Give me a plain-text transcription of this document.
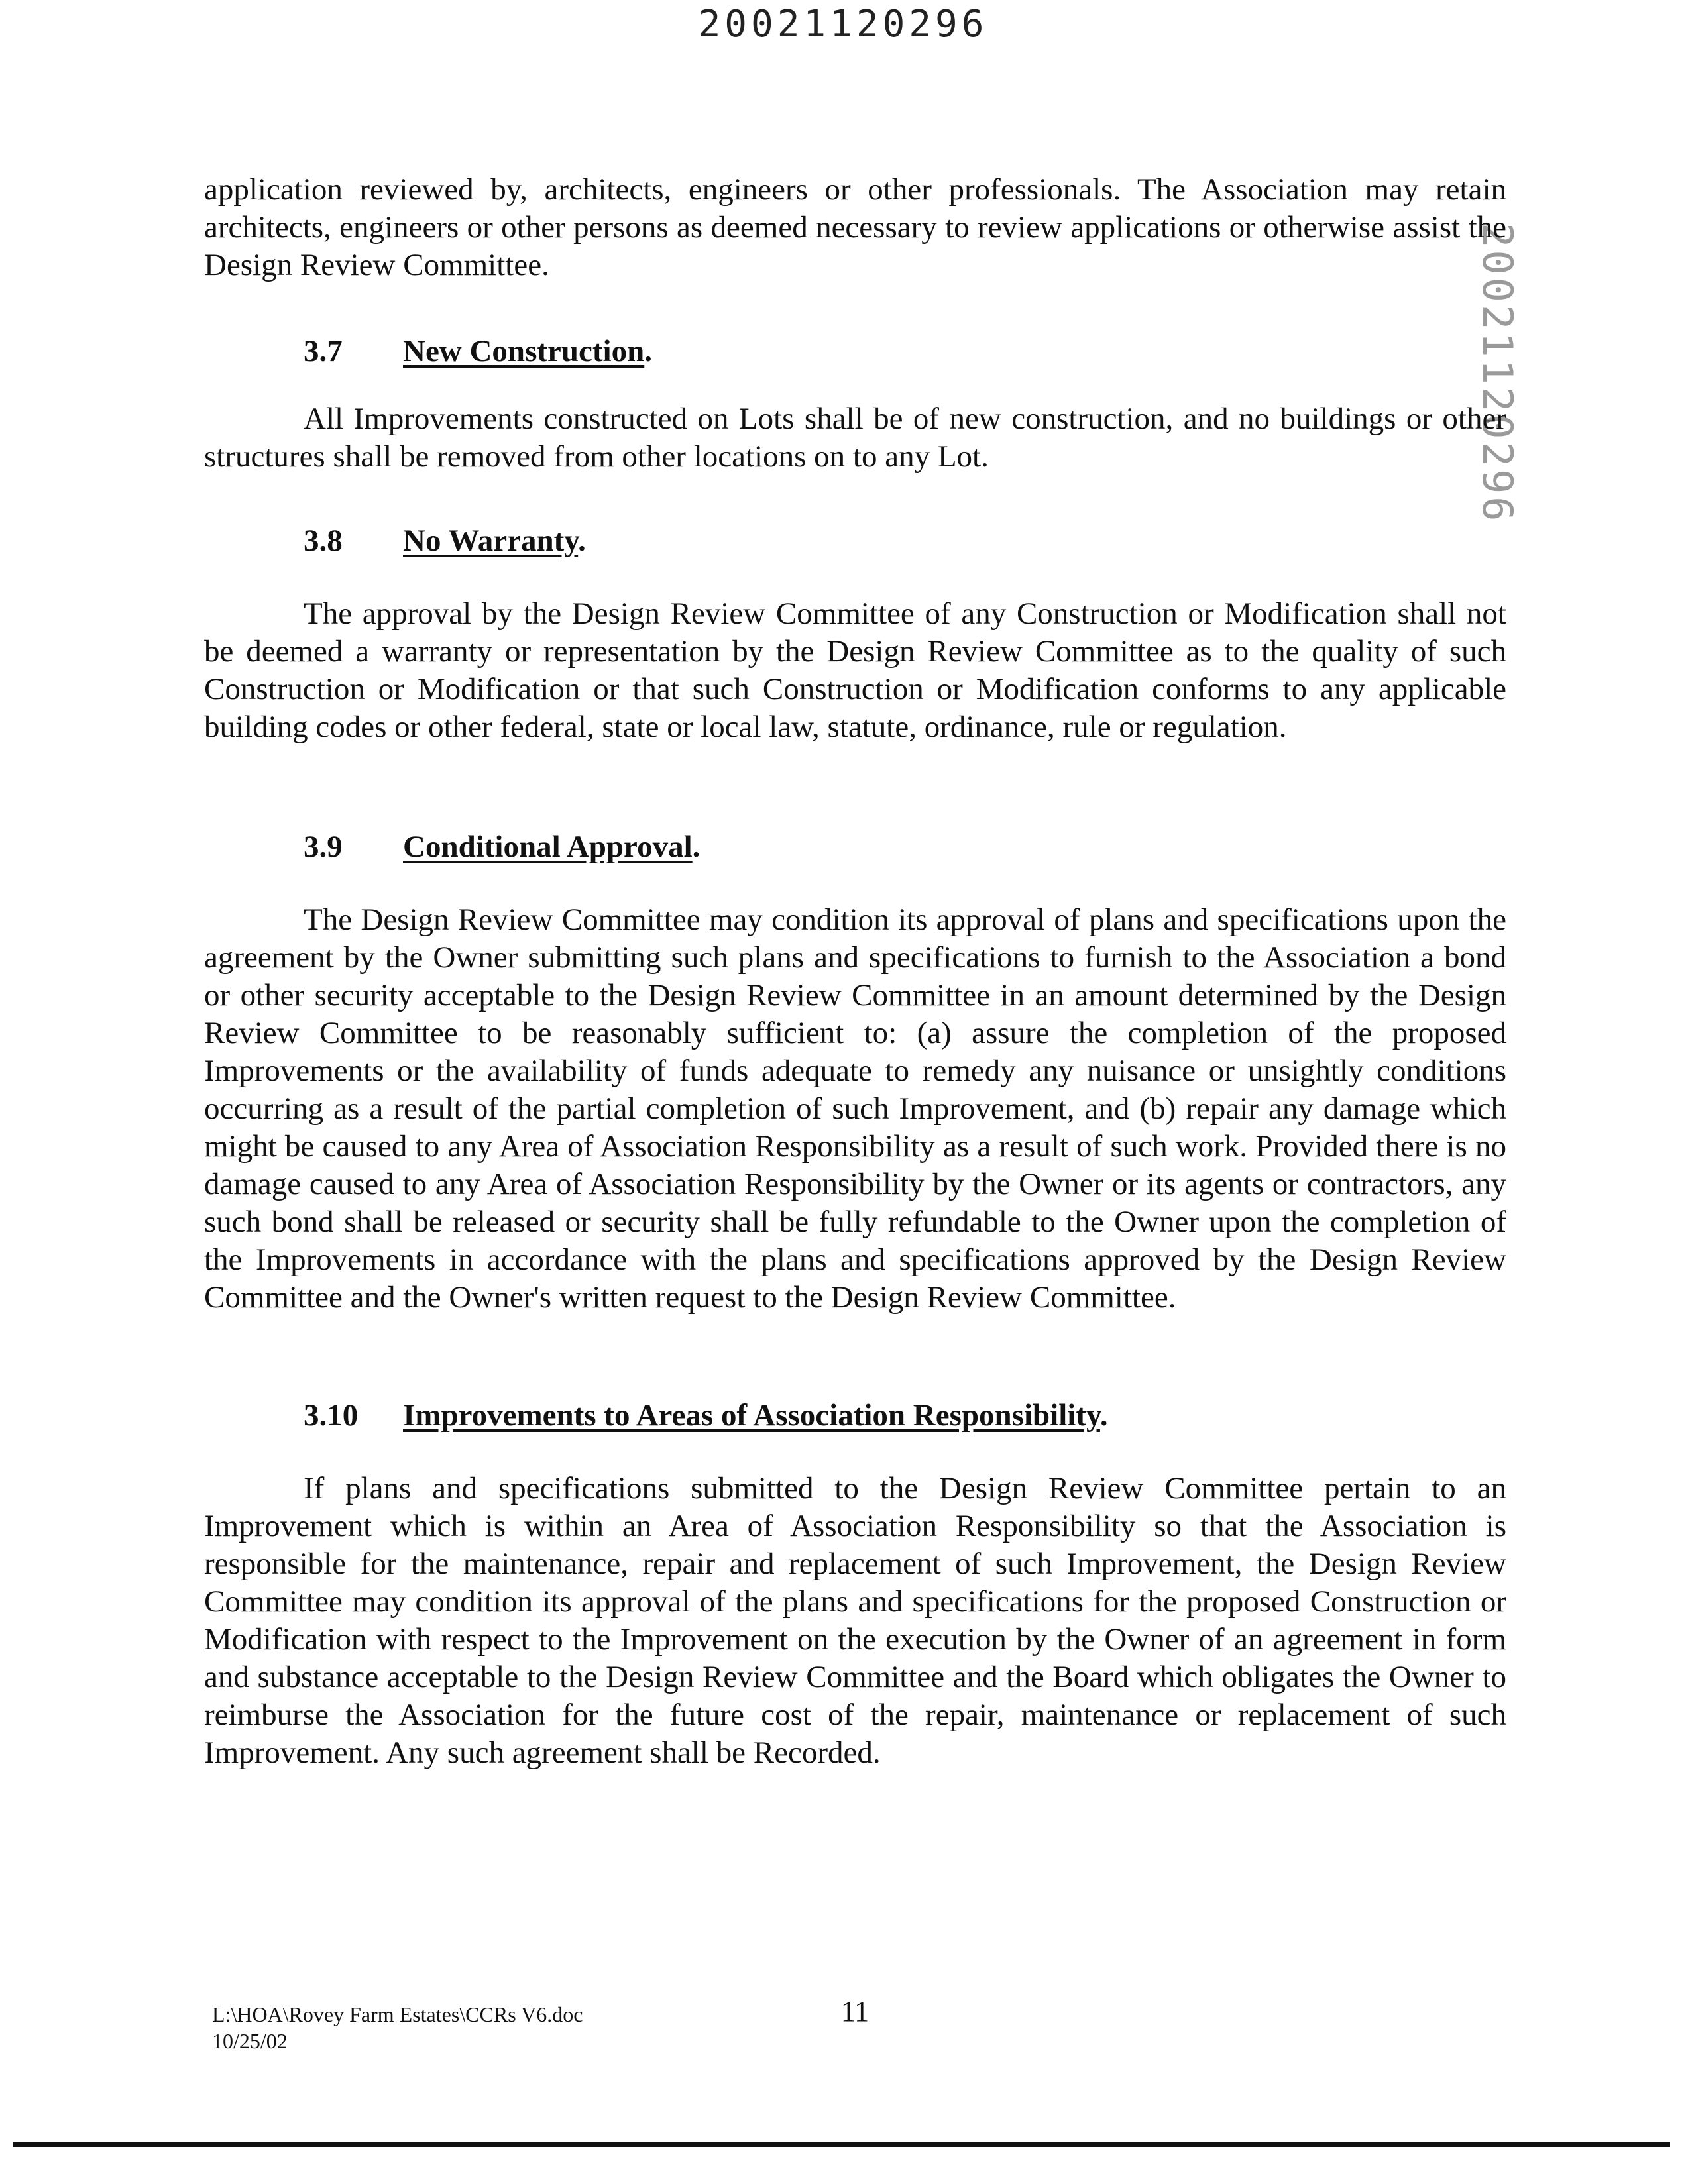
20021120296
20021120296

application reviewed by, architects, engineers or other professionals. The Association may retain architects, engineers or other persons as deemed necessary to review applications or otherwise assist the Design Review Committee.

3.7 New Construction.

All Improvements constructed on Lots shall be of new construction, and no buildings or other structures shall be removed from other locations on to any Lot.

3.8 No Warranty.

The approval by the Design Review Committee of any Construction or Modification shall not be deemed a warranty or representation by the Design Review Committee as to the quality of such Construction or Modification or that such Construction or Modification conforms to any applicable building codes or other federal, state or local law, statute, ordinance, rule or regulation.

3.9 Conditional Approval.

The Design Review Committee may condition its approval of plans and specifications upon the agreement by the Owner submitting such plans and specifications to furnish to the Association a bond or other security acceptable to the Design Review Committee in an amount determined by the Design Review Committee to be reasonably sufficient to: (a) assure the completion of the proposed Improvements or the availability of funds adequate to remedy any nuisance or unsightly conditions occurring as a result of the partial completion of such Improvement, and (b) repair any damage which might be caused to any Area of Association Responsibility as a result of such work. Provided there is no damage caused to any Area of Association Responsibility by the Owner or its agents or contractors, any such bond shall be released or security shall be fully refundable to the Owner upon the completion of the Improvements in accordance with the plans and specifications approved by the Design Review Committee and the Owner's written request to the Design Review Committee.

3.10 Improvements to Areas of Association Responsibility.

If plans and specifications submitted to the Design Review Committee pertain to an Improvement which is within an Area of Association Responsibility so that the Association is responsible for the maintenance, repair and replacement of such Improvement, the Design Review Committee may condition its approval of the plans and specifications for the proposed Construction or Modification with respect to the Improvement on the execution by the Owner of an agreement in form and substance acceptable to the Design Review Committee and the Board which obligates the Owner to reimburse the Association for the future cost of the repair, maintenance or replacement of such Improvement. Any such agreement shall be Recorded.

L:\HOA\Rovey Farm Estates\CCRs V6.doc
10/25/02
11
